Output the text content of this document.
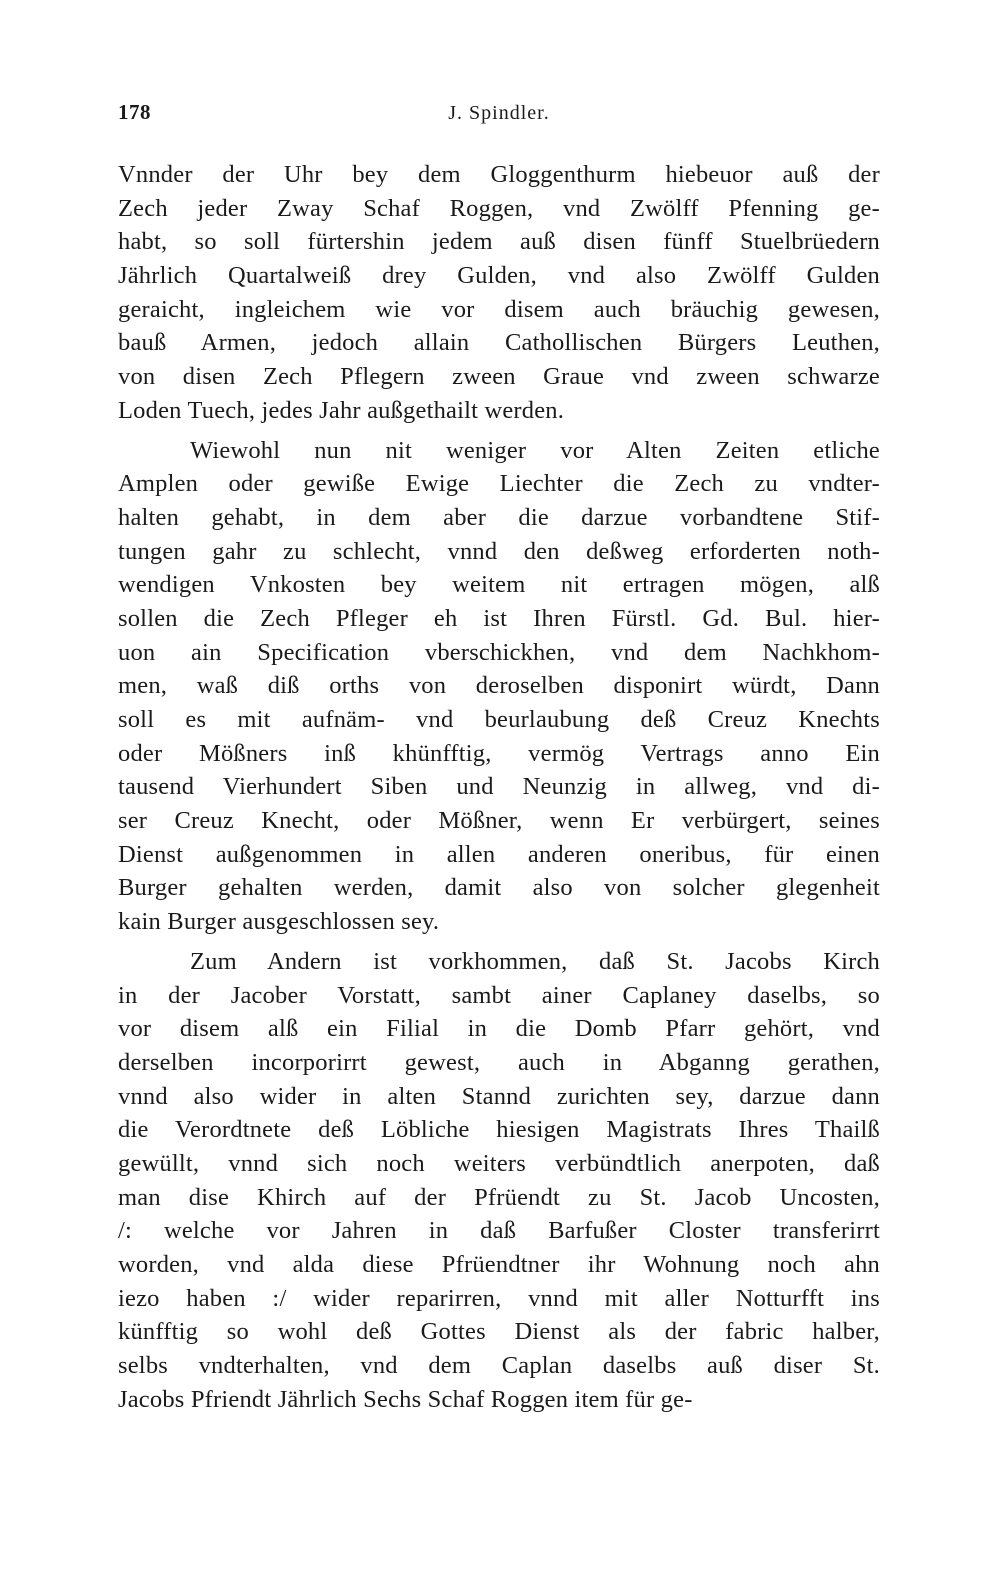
178	J. Spindler.
Vnnder der Uhr bey dem Gloggenthurm hiebeuor auß der
Zech jeder Zway Schaf Roggen, vnd Zwölff Pfenning ge-
habt, so soll fürtershin jedem auß disen fünff Stuelbrüedern
Jährlich Quartalweiß drey Gulden, vnd also Zwölff Gulden
geraicht, ingleichem wie vor disem auch bräuchig gewesen,
bauß Armen, jedoch allain Cathollischen Bürgers Leuthen,
von disen Zech Pflegern zween Graue vnd zween schwarze
Loden Tuech, jedes Jahr außgethailt werden.
Wiewohl nun nit weniger vor Alten Zeiten etliche
Amplen oder gewiße Ewige Liechter die Zech zu vndter-
halten gehabt, in dem aber die darzue vorbandtene Stif-
tungen gahr zu schlecht, vnnd den deßweg erforderten noth-
wendigen Vnkosten bey weitem nit ertragen mögen, alß
sollen die Zech Pfleger eh ist Ihren Fürstl. Gd. Bul. hier-
uon ain Specification vberschickhen, vnd dem Nachkhom-
men, waß diß orths von deroselben disponirt würdt, Dann
soll es mit aufnäm- vnd beurlaubung deß Creuz Knechts
oder Mößners inß khünfftig, vermög Vertrags anno Ein
tausend Vierhundert Siben und Neunzig in allweg, vnd di-
ser Creuz Knecht, oder Mößner, wenn Er verbürgert, seines
Dienst außgenommen in allen anderen oneribus, für einen
Burger gehalten werden, damit also von solcher glegenheit
kain Burger ausgeschlossen sey.
Zum Andern ist vorkhommen, daß St. Jacobs Kirch
in der Jacober Vorstatt, sambt ainer Caplaney daselbs, so
vor disem alß ein Filial in die Domb Pfarr gehört, vnd
derselben incorporirrt gewest, auch in Abganng gerathen,
vnnd also wider in alten Stannd zurichten sey, darzue dann
die Verordtnete deß Löbliche hiesigen Magistrats Ihres Thailß
gewüllt, vnnd sich noch weiters verbündtlich anerpoten, daß
man dise Khirch auf der Pfrüendt zu St. Jacob Uncosten,
/: welche vor Jahren in daß Barfußer Closter transferirrt
worden, vnd alda diese Pfrüendtner ihr Wohnung noch ahn
iezo haben :/ wider reparirren, vnnd mit aller Notturfft ins
künfftig so wohl deß Gottes Dienst als der fabric halber,
selbs vndterhalten, vnd dem Caplan daselbs auß diser St.
Jacobs Pfriendt Jährlich Sechs Schaf Roggen item für ge-
